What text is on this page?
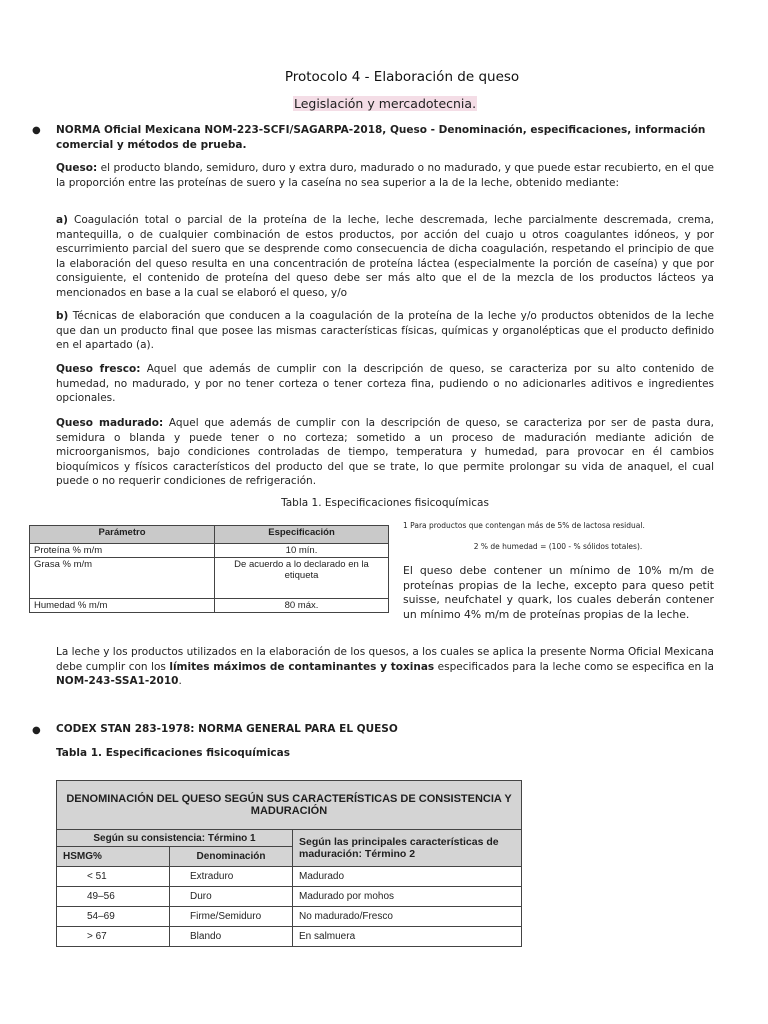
Protocolo 4 - Elaboración de queso
Legislación y mercadotecnia.
● NORMA Oficial Mexicana NOM-223-SCFI/SAGARPA-2018, Queso - Denominación, especificaciones, información comercial y métodos de prueba.
Queso: el producto blando, semiduro, duro y extra duro, madurado o no madurado, y que puede estar recubierto, en el que la proporción entre las proteínas de suero y la caseína no sea superior a la de la leche, obtenido mediante:
a) Coagulación total o parcial de la proteína de la leche, leche descremada, leche parcialmente descremada, crema, mantequilla, o de cualquier combinación de estos productos, por acción del cuajo u otros coagulantes idóneos, y por escurrimiento parcial del suero que se desprende como consecuencia de dicha coagulación, respetando el principio de que la elaboración del queso resulta en una concentración de proteína láctea (especialmente la porción de caseína) y que por consiguiente, el contenido de proteína del queso debe ser más alto que el de la mezcla de los productos lácteos ya mencionados en base a la cual se elaboró el queso, y/o
b) Técnicas de elaboración que conducen a la coagulación de la proteína de la leche y/o productos obtenidos de la leche que dan un producto final que posee las mismas características físicas, químicas y organolépticas que el producto definido en el apartado (a).
Queso fresco: Aquel que además de cumplir con la descripción de queso, se caracteriza por su alto contenido de humedad, no madurado, y por no tener corteza o tener corteza fina, pudiendo o no adicionarles aditivos e ingredientes opcionales.
Queso madurado: Aquel que además de cumplir con la descripción de queso, se caracteriza por ser de pasta dura, semidura o blanda y puede tener o no corteza; sometido a un proceso de maduración mediante adición de microorganismos, bajo condiciones controladas de tiempo, temperatura y humedad, para provocar en él cambios bioquímicos y físicos característicos del producto del que se trate, lo que permite prolongar su vida de anaquel, el cual puede o no requerir condiciones de refrigeración.
Tabla 1. Especificaciones fisicoquímicas
Parámetro	Especificación
Proteína % m/m	10 mín.
Grasa % m/m	De acuerdo a lo declarado en la etiqueta
Humedad % m/m	80 máx.
1 Para productos que contengan más de 5% de lactosa residual.
2 % de humedad = (100 - % sólidos totales).
El queso debe contener un mínimo de 10% m/m de proteínas propias de la leche, excepto para queso petit suisse, neufchatel y quark, los cuales deberán contener un mínimo 4% m/m de proteínas propias de la leche.
La leche y los productos utilizados en la elaboración de los quesos, a los cuales se aplica la presente Norma Oficial Mexicana debe cumplir con los límites máximos de contaminantes y toxinas especificados para la leche como se especifica en la NOM-243-SSA1-2010.
● CODEX STAN 283-1978: NORMA GENERAL PARA EL QUESO
Tabla 1. Especificaciones fisicoquímicas
DENOMINACIÓN DEL QUESO SEGÚN SUS CARACTERÍSTICAS DE CONSISTENCIA Y MADURACIÓN		
Según su consistencia: Término 1		Según las principales características de maduración: Término 2
HSMG%	Denominación	
< 51	Extraduro	Madurado
49–56	Duro	Madurado por mohos
54–69	Firme/Semiduro	No madurado/Fresco
> 67	Blando	En salmuera
